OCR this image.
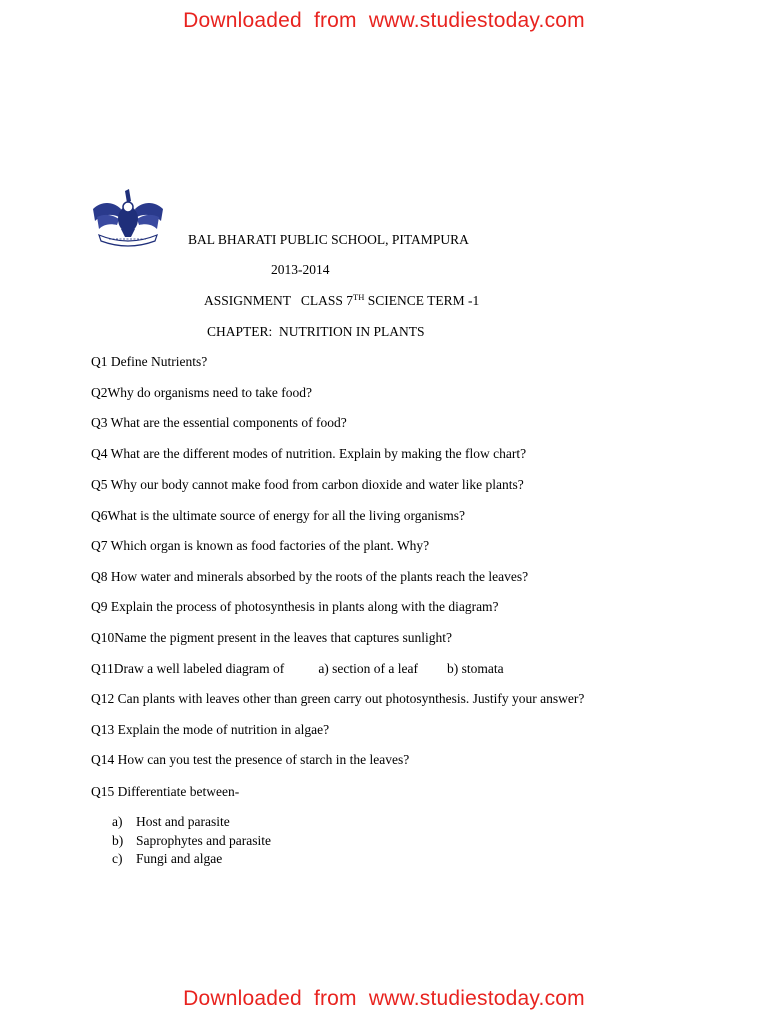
Downloaded  from  www.studiestoday.com
BAL BHARATI PUBLIC SCHOOL, PITAMPURA
2013-2014
ASSIGNMENT   CLASS 7TH SCIENCE TERM -1
CHAPTER:  NUTRITION IN PLANTS
Q1 Define Nutrients?
Q2Why do organisms need to take food?
Q3 What are the essential components of food?
Q4 What are the different modes of nutrition. Explain by making the flow chart?
Q5 Why our body cannot make food from carbon dioxide and water like plants?
Q6What is the ultimate source of energy for all the living organisms?
Q7 Which organ is known as food factories of the plant. Why?
Q8 How water and minerals absorbed by the roots of the plants reach the leaves?
Q9 Explain the process of photosynthesis in plants along with the diagram?
Q10Name the pigment present in the leaves that captures sunlight?
Q11Draw a well labeled diagram of	a) section of a leaf b) stomata
Q12 Can plants with leaves other than green carry out photosynthesis. Justify your answer?
Q13 Explain the mode of nutrition in algae?
Q14 How can you test the presence of starch in the leaves?
Q15 Differentiate between-
a) Host and parasite
b) Saprophytes and parasite
c) Fungi and algae
Downloaded  from  www.studiestoday.com
